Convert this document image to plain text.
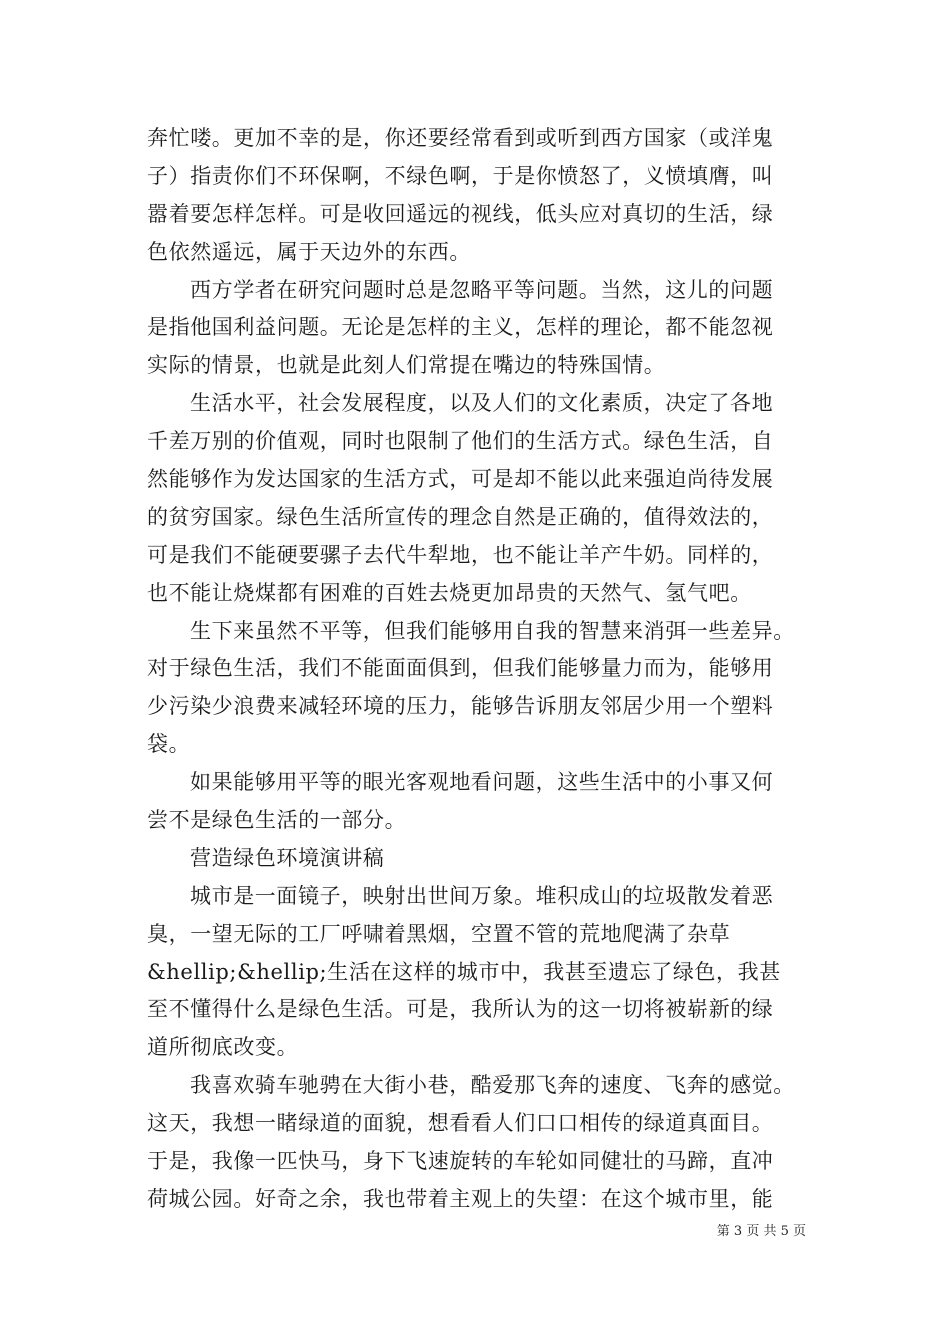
奔忙喽。更加不幸的是，你还要经常看到或听到西方国家（或洋鬼
子）指责你们不环保啊，不绿色啊，于是你愤怒了，义愤填膺，叫
嚣着要怎样怎样。可是收回遥远的视线，低头应对真切的生活，绿
色依然遥远，属于天边外的东西。
西方学者在研究问题时总是忽略平等问题。当然，这儿的问题
是指他国利益问题。无论是怎样的主义，怎样的理论，都不能忽视
实际的情景，也就是此刻人们常提在嘴边的特殊国情。
生活水平，社会发展程度，以及人们的文化素质，决定了各地
千差万别的价值观，同时也限制了他们的生活方式。绿色生活，自
然能够作为发达国家的生活方式，可是却不能以此来强迫尚待发展
的贫穷国家。绿色生活所宣传的理念自然是正确的，值得效法的，
可是我们不能硬要骡子去代牛犁地，也不能让羊产牛奶。同样的，
也不能让烧煤都有困难的百姓去烧更加昂贵的天然气、氢气吧。
生下来虽然不平等，但我们能够用自我的智慧来消弭一些差异。
对于绿色生活，我们不能面面俱到，但我们能够量力而为，能够用
少污染少浪费来减轻环境的压力，能够告诉朋友邻居少用一个塑料
袋。
如果能够用平等的眼光客观地看问题，这些生活中的小事又何
尝不是绿色生活的一部分。
营造绿色环境演讲稿
城市是一面镜子，映射出世间万象。堆积成山的垃圾散发着恶
臭，一望无际的工厂呼啸着黑烟，空置不管的荒地爬满了杂草
&hellip;&hellip;生活在这样的城市中，我甚至遗忘了绿色，我甚
至不懂得什么是绿色生活。可是，我所认为的这一切将被崭新的绿
道所彻底改变。
我喜欢骑车驰骋在大街小巷，酷爱那飞奔的速度、飞奔的感觉。
这天，我想一睹绿道的面貌，想看看人们口口相传的绿道真面目。
于是，我像一匹快马，身下飞速旋转的车轮如同健壮的马蹄，直冲
荷城公园。好奇之余，我也带着主观上的失望：在这个城市里，能
第 3 页 共 5 页
